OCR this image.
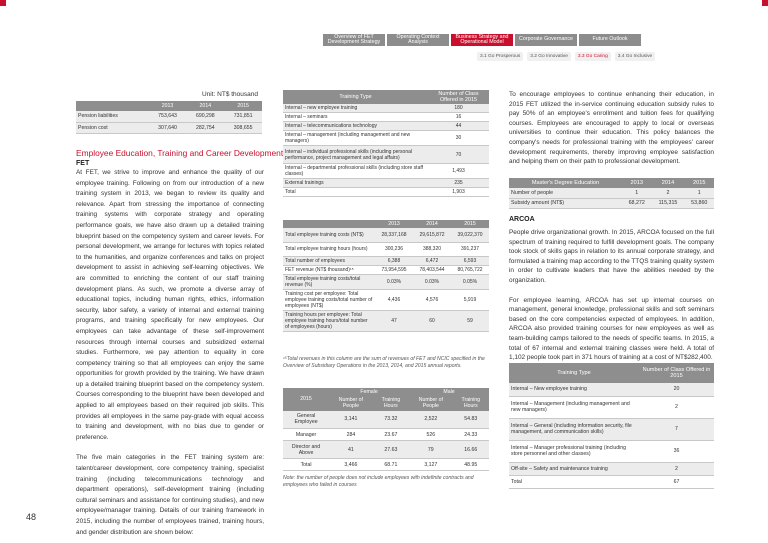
Overview of FET Development Strategy
Operating Context Analysis
Business Strategy and Operational Model	Corporate Governance	Future Outlook
3.1 Go Prosperous	3.2 Go Innovative	3.3 Go Caring	3.4 Go Inclusive
Unit: NT$ thousand
	2013	2014	2015
Pension liabilities	753,643	690,298	731,851
Pension cost	307,640	282,754	308,655
Employee Education, Training and Career Development
FET

At FET, we strive to improve and enhance the quality of our employee training. Following on from our introduction of a new training system in 2013, we began to review its quality and relevance. Apart from stressing the importance of connecting training systems with corporate strategy and operating performance goals, we have also drawn up a detailed training blueprint based on the competency system and career levels. For personal development, we arrange for lectures with topics related to the humanities, and organize conferences and talks on project development to assist in achieving self-learning objectives. We are committed to enriching the content of our staff training development plans. As such, we promote a diverse array of educational topics, including human rights, ethics, information security, labor safety, a variety of internal and external training programs, and training specifically for new employees. Our employees can take advantage of these self-improvement resources through internal courses and subsidized external studies. Furthermore, we pay attention to equality in core competency training so that all employees can enjoy the same opportunities for growth provided by the training. We have drawn up a detailed training blueprint based on the competency system. Courses corresponding to the blueprint have been developed and applied to all employees based on their required job skills. This provides all employees in the same pay-grade with equal access to training and development, with no bias due to gender or preference.

The five main categories in the FET training system are: talent/career development, core competency training, specialist training (including telecommunications technology and department operations), self-development training (including cultural seminars and assistance for continuing studies), and new employee/manager training. Details of our training framework in 2015, including the number of employees trained, training hours, and gender distribution are shown below:

Training Type	Number of Class Offered in 2015
Internal – new employee training	180
Internal – seminars	16
Internal – telecommunications technology	44
Internal – management (including management and new managers)	30
Internal – individual professional skills (including personal performance, project management and legal affairs)	70
Internal – departmental professional skills (including store staff classes)	1,493
External trainings	235
Total	1,903
	2013	2014	2015
Total employee training costs (NT$)	28,337,168	29,615,872	39,022,370
Total employee training hours (hours)	300,236	388,320	391,237
Total number of employees	6,388	6,472	6,593
FET revenue (NT$ thousand)¹⁵	73,954,595	78,403,544	80,765,722
Total employee training costs/total revenue (%)	0.03%	0.03%	0.05%
Training cost per employee: Total employee training costs/total number of employees (NT$)	4,436	4,576	5,919
Training hours per employee: Total employee training hours/total number of employees (hours)	47	60	59
¹⁵Total revenues in this column are the sum of revenues of FET and NCIC specified in the Overview of Subsidiary Operations in the 2013, 2014, and 2015 annual reports.
2015	Female		Male	
	Number of People	Training Hours	Number of People	Training Hours
General Employee	3,141	73.32	2,522	54.83
Manager	284	23.67	526	24.33
Director and Above	41	27.63	79	16.66
Total	3,466	68.71	3,127	48.95
Note: the number of people does not include employees with indefinite contracts and employees who failed in courses
To encourage employees to continue enhancing their education, in 2015 FET utilized the in-service continuing education subsidy rules to pay 50% of an employee's enrollment and tuition fees for qualifying courses. Employees are encouraged to apply to local or overseas universities to continue their education. This policy balances the company's needs for professional training with the employees' career development requirements, thereby improving employee satisfaction and helping them on their path to professional development.
Master's Degree Education	2013	2014	2015
Number of people	1	2	1
Subsidy amount (NT$)	68,272	115,315	53,860
ARCOA

People drive organizational growth. In 2015, ARCOA focused on the full spectrum of training required to fulfill development goals. The company took stock of skills gaps in relation to its annual corporate strategy, and formulated a training map according to the TTQS training quality system in order to cultivate leaders that have the abilities needed by the organization.

For employee learning, ARCOA has set up internal courses on management, general knowledge, professional skills and soft seminars based on the core competencies expected of employees. In addition, ARCOA also provided training courses for new employees as well as team-building camps tailored to the needs of specific teams. In 2015, a total of 67 internal and external training classes were held. A total of 1,102 people took part in 371 hours of training at a cost of NT$282,400.

Training Type	Number of Class Offered in 2015
Internal – New employee training	20
Internal – Management (including management and new managers)	2
Internal – General (including information security, file management, and communication skills)	7
Internal – Manager professional training (including store personnel and other classes)	36
Off-site – Safety and maintenance training	2
Total	67
48
